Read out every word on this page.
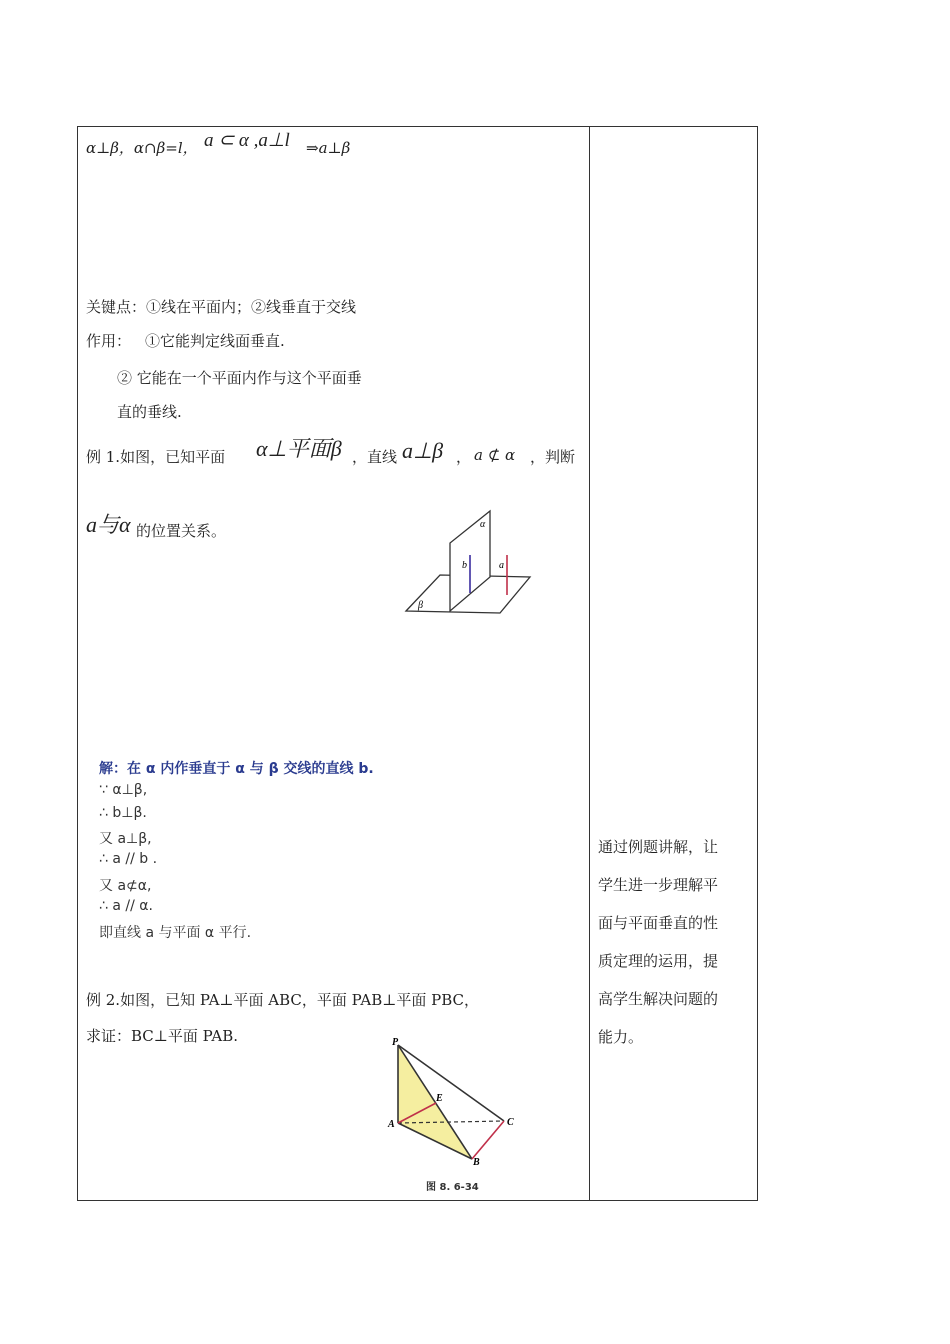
α⊥β，α∩β=l， a ⊂ α ,a⊥l ⇒a⊥β
关键点：①线在平面内；②线垂直于交线
作用： ①它能判定线面垂直.
② 它能在一个平面内作与这个平面垂
直的垂线.
例 1.如图，已知平面 α⊥平面β ，直线 a⊥β ， a ⊄ α ，判断
a与α 的位置关系。	α
β
b	a
解：在 α 内作垂直于 α 与 β 交线的直线 b.
∵ α⊥β,
∴ b⊥β.
又 a⊥β,
∴ a // b .
又 a⊄α,
∴ a // α.
即直线 a 与平面 α 平行.
例 2.如图，已知 PA⊥平面 ABC，平面 PAB⊥平面 PBC，
求证：BC⊥平面 PAB.	P
A
B
C
E
图 8. 6-34
通过例题讲解，让
学生进一步理解平
面与平面垂直的性
质定理的运用，提
高学生解决问题的
能力。
